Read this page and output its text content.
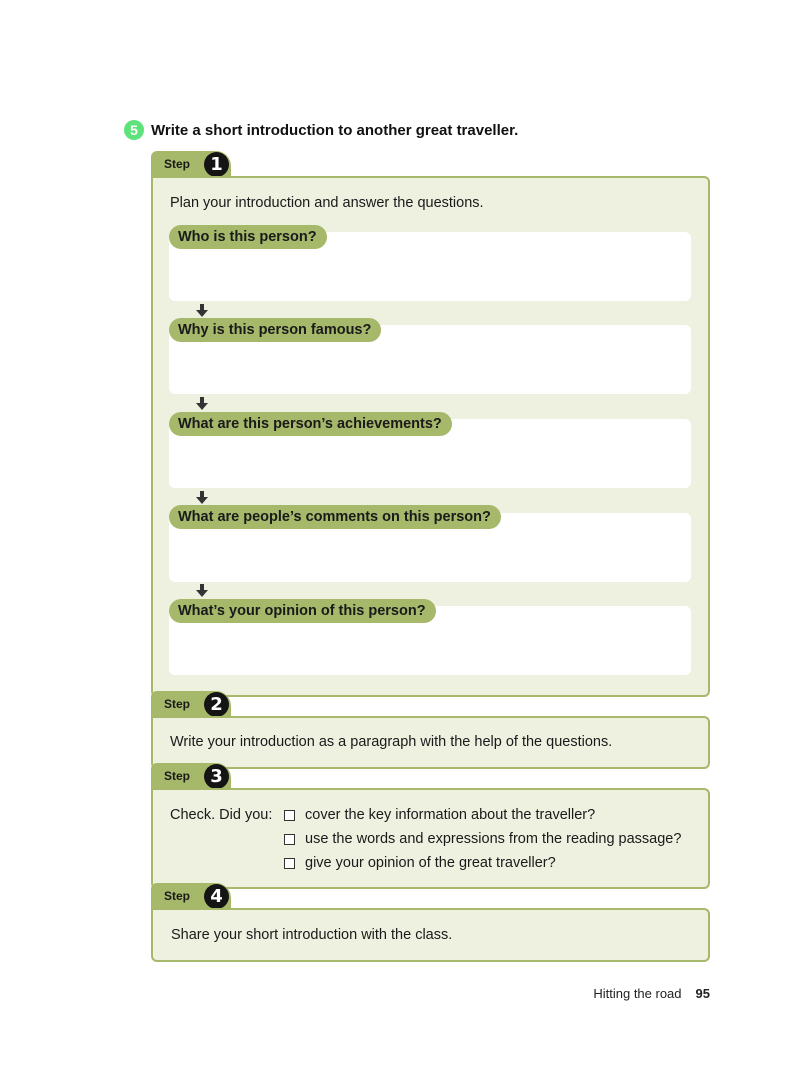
5 Write a short introduction to another great traveller.
Step	1
Plan your introduction and answer the questions.
Who is this person?
Why is this person famous?
What are this person’s achievements?
What are people’s comments on this person?
What’s your opinion of this person?
Step	2
Write your introduction as a paragraph with the help of the questions.
Step	3
Check. Did you: cover the key information about the traveller?
use the words and expressions from the reading passage?
give your opinion of the great traveller?
Step	4
Share your short introduction with the class.
Hitting the road 95
